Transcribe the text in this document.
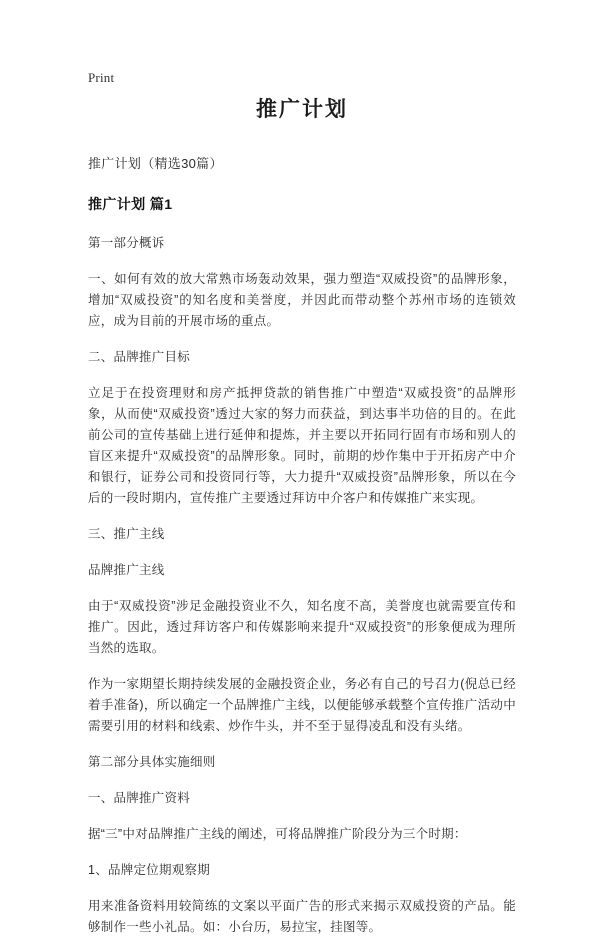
Print
推广计划

推广计划（精选30篇）

推广计划 篇1

第一部分概诉

一、如何有效的放大常熟市场轰动效果，强力塑造“双威投资”的品牌形象，增加“双威投资”的知名度和美誉度，并因此而带动整个苏州市场的连锁效应，成为目前的开展市场的重点。

二、品牌推广目标

立足于在投资理财和房产抵押贷款的销售推广中塑造“双威投资”的品牌形象，从而使“双威投资”透过大家的努力而获益，到达事半功倍的目的。在此前公司的宣传基础上进行延伸和提炼，并主要以开拓同行固有市场和别人的盲区来提升“双威投资”的品牌形象。同时，前期的炒作集中于开拓房产中介和银行，证券公司和投资同行等，大力提升“双威投资”品牌形象，所以在今后的一段时期内，宣传推广主要透过拜访中介客户和传媒推广来实现。

三、推广主线

品牌推广主线

由于“双威投资”涉足金融投资业不久，知名度不高，美誉度也就需要宣传和推广。因此，透过拜访客户和传媒影响来提升“双威投资”的形象便成为理所当然的选取。

作为一家期望长期持续发展的金融投资企业，务必有自己的号召力(倪总已经着手准备)，所以确定一个品牌推广主线，以便能够承载整个宣传推广活动中需要引用的材料和线索、炒作牛头，并不至于显得凌乱和没有头绪。

第二部分具体实施细则

一、品牌推广资料

据“三”中对品牌推广主线的阐述，可将品牌推广阶段分为三个时期：

1、品牌定位期观察期

用来准备资料用较简练的文案以平面广告的形式来揭示双威投资的产品。能够制作一些小礼品。如：小台历，易拉宝，挂图等。
